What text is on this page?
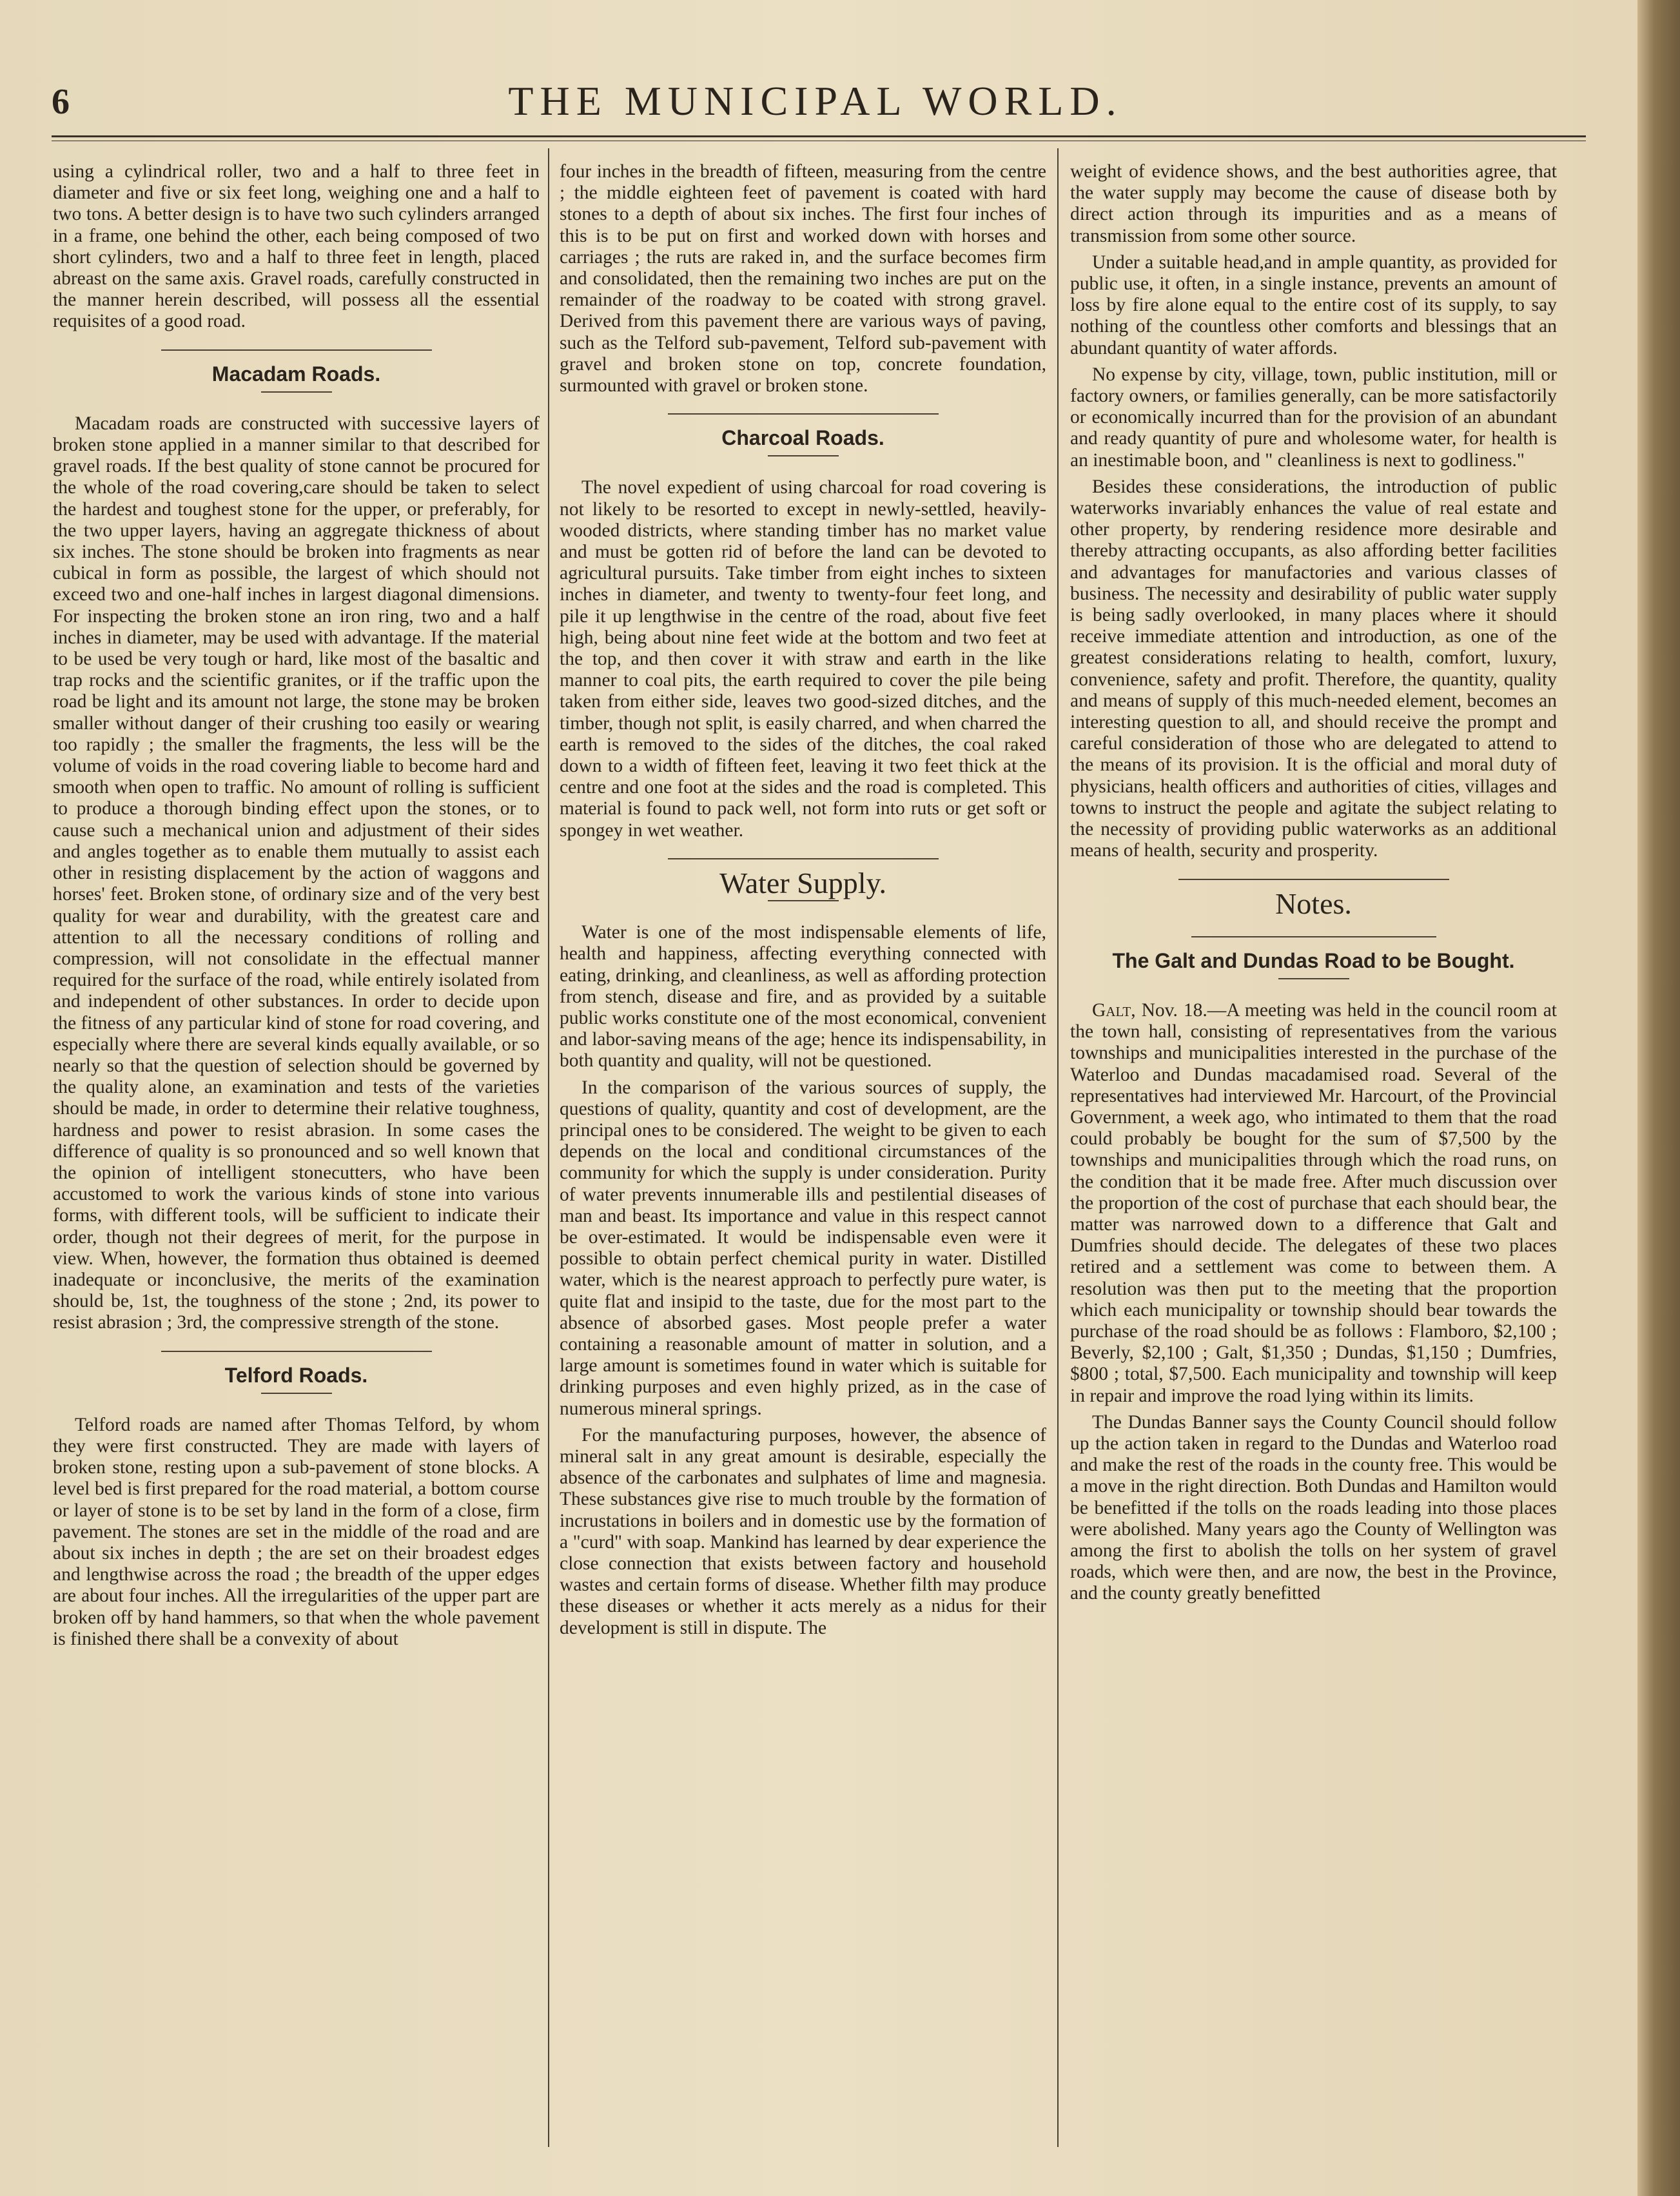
6	THE MUNICIPAL WORLD.

using a cylindrical roller, two and a half to three feet in diameter and five or six feet long, weighing one and a half to two tons. A better design is to have two such cylinders arranged in a frame, one behind the other, each being composed of two short cylinders, two and a half to three feet in length, placed abreast on the same axis. Gravel roads, carefully constructed in the manner herein described, will possess all the essential requisites of a good road.

Macadam Roads.

Macadam roads are constructed with successive layers of broken stone applied in a manner similar to that described for gravel roads. If the best quality of stone cannot be procured for the whole of the road covering,care should be taken to select the hardest and toughest stone for the upper, or preferably, for the two upper layers, having an aggregate thickness of about six inches. The stone should be broken into fragments as near cubical in form as possible, the largest of which should not exceed two and one-half inches in largest diagonal dimensions. For inspecting the broken stone an iron ring, two and a half inches in diameter, may be used with advantage. If the material to be used be very tough or hard, like most of the basaltic and trap rocks and the scientific granites, or if the traffic upon the road be light and its amount not large, the stone may be broken smaller without danger of their crushing too easily or wearing too rapidly ; the smaller the fragments, the less will be the volume of voids in the road covering liable to become hard and smooth when open to traffic. No amount of rolling is sufficient to produce a thorough binding effect upon the stones, or to cause such a mechanical union and adjustment of their sides and angles together as to enable them mutually to assist each other in resisting displacement by the action of waggons and horses' feet. Broken stone, of ordinary size and of the very best quality for wear and durability, with the greatest care and attention to all the necessary conditions of rolling and compression, will not consolidate in the effectual manner required for the surface of the road, while entirely isolated from and independent of other substances. In order to decide upon the fitness of any particular kind of stone for road covering, and especially where there are several kinds equally available, or so nearly so that the question of selection should be governed by the quality alone, an examination and tests of the varieties should be made, in order to determine their relative toughness, hardness and power to resist abrasion. In some cases the difference of quality is so pronounced and so well known that the opinion of intelligent stonecutters, who have been accustomed to work the various kinds of stone into various forms, with different tools, will be sufficient to indicate their order, though not their degrees of merit, for the purpose in view. When, however, the formation thus obtained is deemed inadequate or inconclusive, the merits of the examination should be, 1st, the toughness of the stone ; 2nd, its power to resist abrasion ; 3rd, the compressive strength of the stone.

Telford Roads.

Telford roads are named after Thomas Telford, by whom they were first constructed. They are made with layers of broken stone, resting upon a sub-pavement of stone blocks. A level bed is first prepared for the road material, a bottom course or layer of stone is to be set by land in the form of a close, firm pavement. The stones are set in the middle of the road and are about six inches in depth ; the are set on their broadest edges and lengthwise across the road ; the breadth of the upper edges are about four inches. All the irregularities of the upper part are broken off by hand hammers, so that when the whole pavement is finished there shall be a convexity of about

four inches in the breadth of fifteen, measuring from the centre ; the middle eighteen feet of pavement is coated with hard stones to a depth of about six inches. The first four inches of this is to be put on first and worked down with horses and carriages ; the ruts are raked in, and the surface becomes firm and consolidated, then the remaining two inches are put on the remainder of the roadway to be coated with strong gravel. Derived from this pavement there are various ways of paving, such as the Telford sub-pavement, Telford sub-pavement with gravel and broken stone on top, concrete foundation, surmounted with gravel or broken stone.

Charcoal Roads.

The novel expedient of using charcoal for road covering is not likely to be resorted to except in newly-settled, heavily-wooded districts, where standing timber has no market value and must be gotten rid of before the land can be devoted to agricultural pursuits. Take timber from eight inches to sixteen inches in diameter, and twenty to twenty-four feet long, and pile it up lengthwise in the centre of the road, about five feet high, being about nine feet wide at the bottom and two feet at the top, and then cover it with straw and earth in the like manner to coal pits, the earth required to cover the pile being taken from either side, leaves two good-sized ditches, and the timber, though not split, is easily charred, and when charred the earth is removed to the sides of the ditches, the coal raked down to a width of fifteen feet, leaving it two feet thick at the centre and one foot at the sides and the road is completed. This material is found to pack well, not form into ruts or get soft or spongey in wet weather.

Water Supply.

Water is one of the most indispensable elements of life, health and happiness, affecting everything connected with eating, drinking, and cleanliness, as well as affording protection from stench, disease and fire, and as provided by a suitable public works constitute one of the most economical, convenient and labor-saving means of the age; hence its indispensability, in both quantity and quality, will not be questioned.

In the comparison of the various sources of supply, the questions of quality, quantity and cost of development, are the principal ones to be considered. The weight to be given to each depends on the local and conditional circumstances of the community for which the supply is under consideration. Purity of water prevents innumerable ills and pestilential diseases of man and beast. Its importance and value in this respect cannot be over-estimated. It would be indispensable even were it possible to obtain perfect chemical purity in water. Distilled water, which is the nearest approach to perfectly pure water, is quite flat and insipid to the taste, due for the most part to the absence of absorbed gases. Most people prefer a water containing a reasonable amount of matter in solution, and a large amount is sometimes found in water which is suitable for drinking purposes and even highly prized, as in the case of numerous mineral springs.

For the manufacturing purposes, however, the absence of mineral salt in any great amount is desirable, especially the absence of the carbonates and sulphates of lime and magnesia. These substances give rise to much trouble by the formation of incrustations in boilers and in domestic use by the formation of a "curd" with soap. Mankind has learned by dear experience the close connection that exists between factory and household wastes and certain forms of disease. Whether filth may produce these diseases or whether it acts merely as a nidus for their development is still in dispute. The

weight of evidence shows, and the best authorities agree, that the water supply may become the cause of disease both by direct action through its impurities and as a means of transmission from some other source.

Under a suitable head,and in ample quantity, as provided for public use, it often, in a single instance, prevents an amount of loss by fire alone equal to the entire cost of its supply, to say nothing of the countless other comforts and blessings that an abundant quantity of water affords.

No expense by city, village, town, public institution, mill or factory owners, or families generally, can be more satisfactorily or economically incurred than for the provision of an abundant and ready quantity of pure and wholesome water, for health is an inestimable boon, and " cleanliness is next to godliness."

Besides these considerations, the introduction of public waterworks invariably enhances the value of real estate and other property, by rendering residence more desirable and thereby attracting occupants, as also affording better facilities and advantages for manufactories and various classes of business. The necessity and desirability of public water supply is being sadly overlooked, in many places where it should receive immediate attention and introduction, as one of the greatest considerations relating to health, comfort, luxury, convenience, safety and profit. Therefore, the quantity, quality and means of supply of this much-needed element, becomes an interesting question to all, and should receive the prompt and careful consideration of those who are delegated to attend to the means of its provision. It is the official and moral duty of physicians, health officers and authorities of cities, villages and towns to instruct the people and agitate the subject relating to the necessity of providing public waterworks as an additional means of health, security and prosperity.

Notes.
The Galt and Dundas Road to be Bought.

Galt, Nov. 18.—A meeting was held in the council room at the town hall, consisting of representatives from the various townships and municipalities interested in the purchase of the Waterloo and Dundas macadamised road. Several of the representatives had interviewed Mr. Harcourt, of the Provincial Government, a week ago, who intimated to them that the road could probably be bought for the sum of $7,500 by the townships and municipalities through which the road runs, on the condition that it be made free. After much discussion over the proportion of the cost of purchase that each should bear, the matter was narrowed down to a difference that Galt and Dumfries should decide. The delegates of these two places retired and a settlement was come to between them. A resolution was then put to the meeting that the proportion which each municipality or township should bear towards the purchase of the road should be as follows : Flamboro, $2,100 ; Beverly, $2,100 ; Galt, $1,350 ; Dundas, $1,150 ; Dumfries, $800 ; total, $7,500. Each municipality and township will keep in repair and improve the road lying within its limits.

The Dundas Banner says the County Council should follow up the action taken in regard to the Dundas and Waterloo road and make the rest of the roads in the county free. This would be a move in the right direction. Both Dundas and Hamilton would be benefitted if the tolls on the roads leading into those places were abolished. Many years ago the County of Wellington was among the first to abolish the tolls on her system of gravel roads, which were then, and are now, the best in the Province, and the county greatly benefitted
